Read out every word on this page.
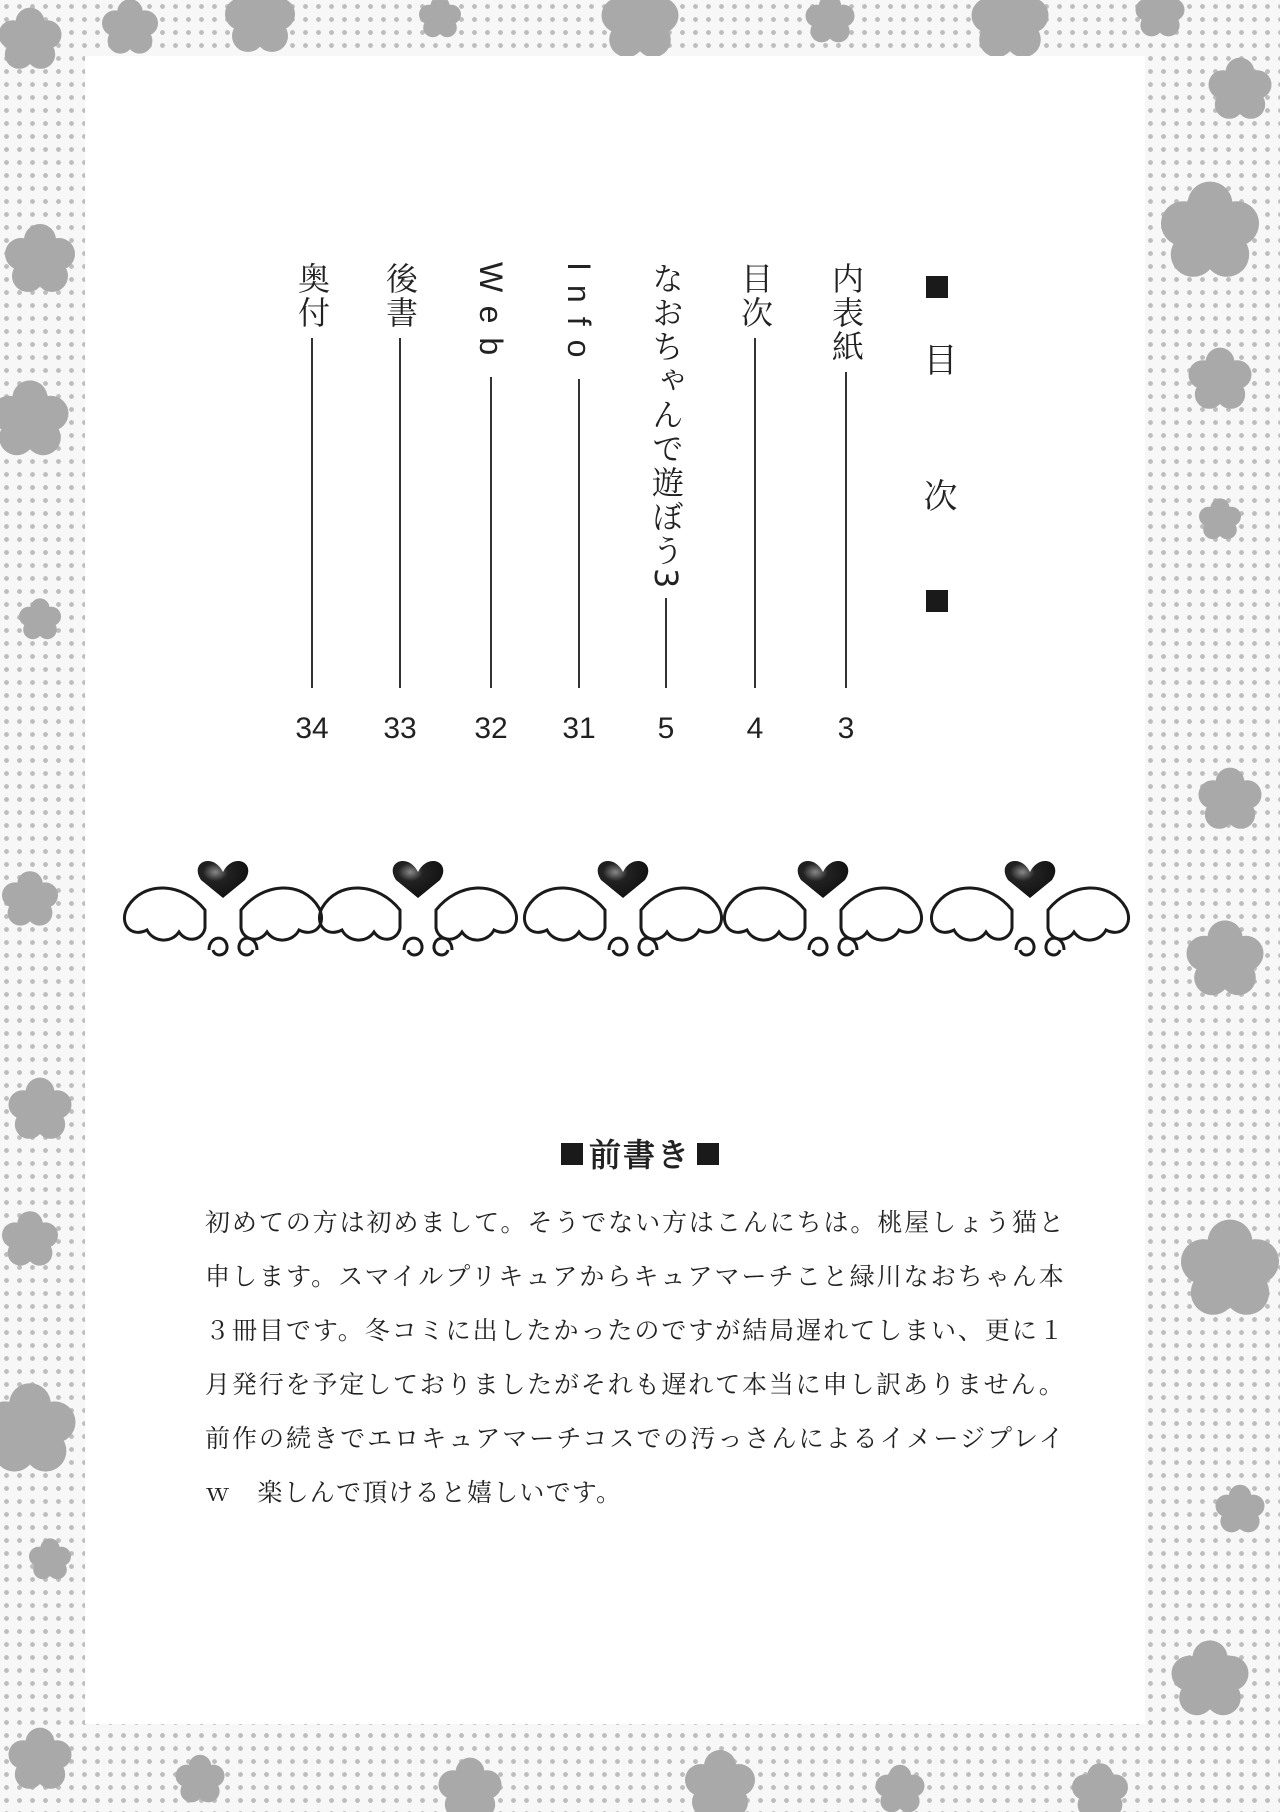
目　次
内表紙
3
目次
4
なおちゃんで遊ぼう3
5
Info
31
Web
32
後書
33
奥付
34
前書き

初めての方は初めまして。そうでない方はこんにちは。桃屋しょう猫と申します。スマイルプリキュアからキュアマーチこと緑川なおちゃん本３冊目です。冬コミに出したかったのですが結局遅れてしまい、更に１月発行を予定しておりましたがそれも遅れて本当に申し訳ありません。前作の続きでエロキュアマーチコスでの汚っさんによるイメージプレイｗ　楽しんで頂けると嬉しいです。
